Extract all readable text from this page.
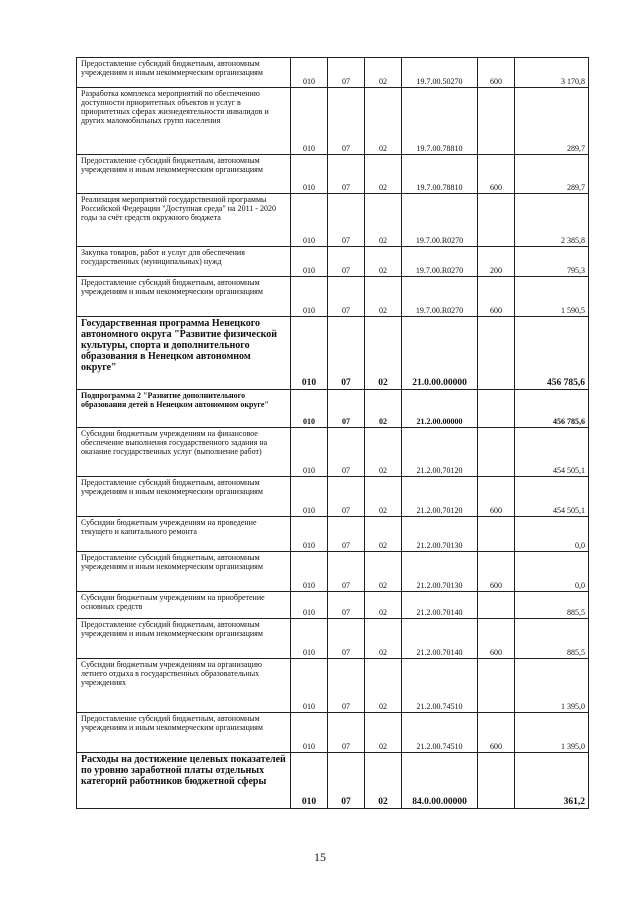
Предоставление субсидий бюджетным, автономным учреждениям и иным некоммерческим организациям	010	07	02	19.7.00.50270	600	3 170,8
Разработка комплекса мероприятий по обеспечению доступности приоритетных объектов и услуг в приоритетных сферах жизнедеятельности инвалидов и других маломобильных групп населения	010	07	02	19.7.00.78810		289,7
Предоставление субсидий бюджетным, автономным учреждениям и иным некоммерческим организациям	010	07	02	19.7.00.78810	600	289,7
Реализация мероприятий государственной программы Российской Федерации "Доступная среда" на 2011 - 2020 годы за счёт средств окружного бюджета	010	07	02	19.7.00.R0270		2 385,8
Закупка товаров, работ и услуг для обеспечения государственных (муниципальных) нужд	010	07	02	19.7.00.R0270	200	795,3
Предоставление субсидий бюджетным, автономным учреждениям и иным некоммерческим организациям	010	07	02	19.7.00.R0270	600	1 590,5
Государственная программа Ненецкого автономного округа "Развитие физической культуры, спорта и дополнительного образования в Ненецком автономном округе"	010	07	02	21.0.00.00000		456 785,6
Подпрограмма 2 "Развитие дополнительного образования детей в Ненецком автономном округе"	010	07	02	21.2.00.00000		456 785,6
Субсидии бюджетным учреждениям на финансовое обеспечение выполнения государственного задания на оказание государственных услуг (выполнение работ)	010	07	02	21.2.00.70120		454 505,1
Предоставление субсидий бюджетным, автономным учреждениям и иным некоммерческим организациям	010	07	02	21.2.00.70120	600	454 505,1
Субсидии бюджетным учреждениям на проведение текущего и капитального ремонта	010	07	02	21.2.00.70130		0,0
Предоставление субсидий бюджетным, автономным учреждениям и иным некоммерческим организациям	010	07	02	21.2.00.70130	600	0,0
Субсидии бюджетным учреждениям на приобретение основных средств	010	07	02	21.2.00.70140		885,5
Предоставление субсидий бюджетным, автономным учреждениям и иным некоммерческим организациям	010	07	02	21.2.00.70140	600	885,5
Субсидии бюджетным учреждениям на организацию летнего отдыха в государственных образовательных учреждениях	010	07	02	21.2.00.74510		1 395,0
Предоставление субсидий бюджетным, автономным учреждениям и иным некоммерческим организациям	010	07	02	21.2.00.74510	600	1 395,0
Расходы на достижение целевых показателей по уровню заработной платы отдельных категорий работников бюджетной сферы	010	07	02	84.0.00.00000		361,2
15
